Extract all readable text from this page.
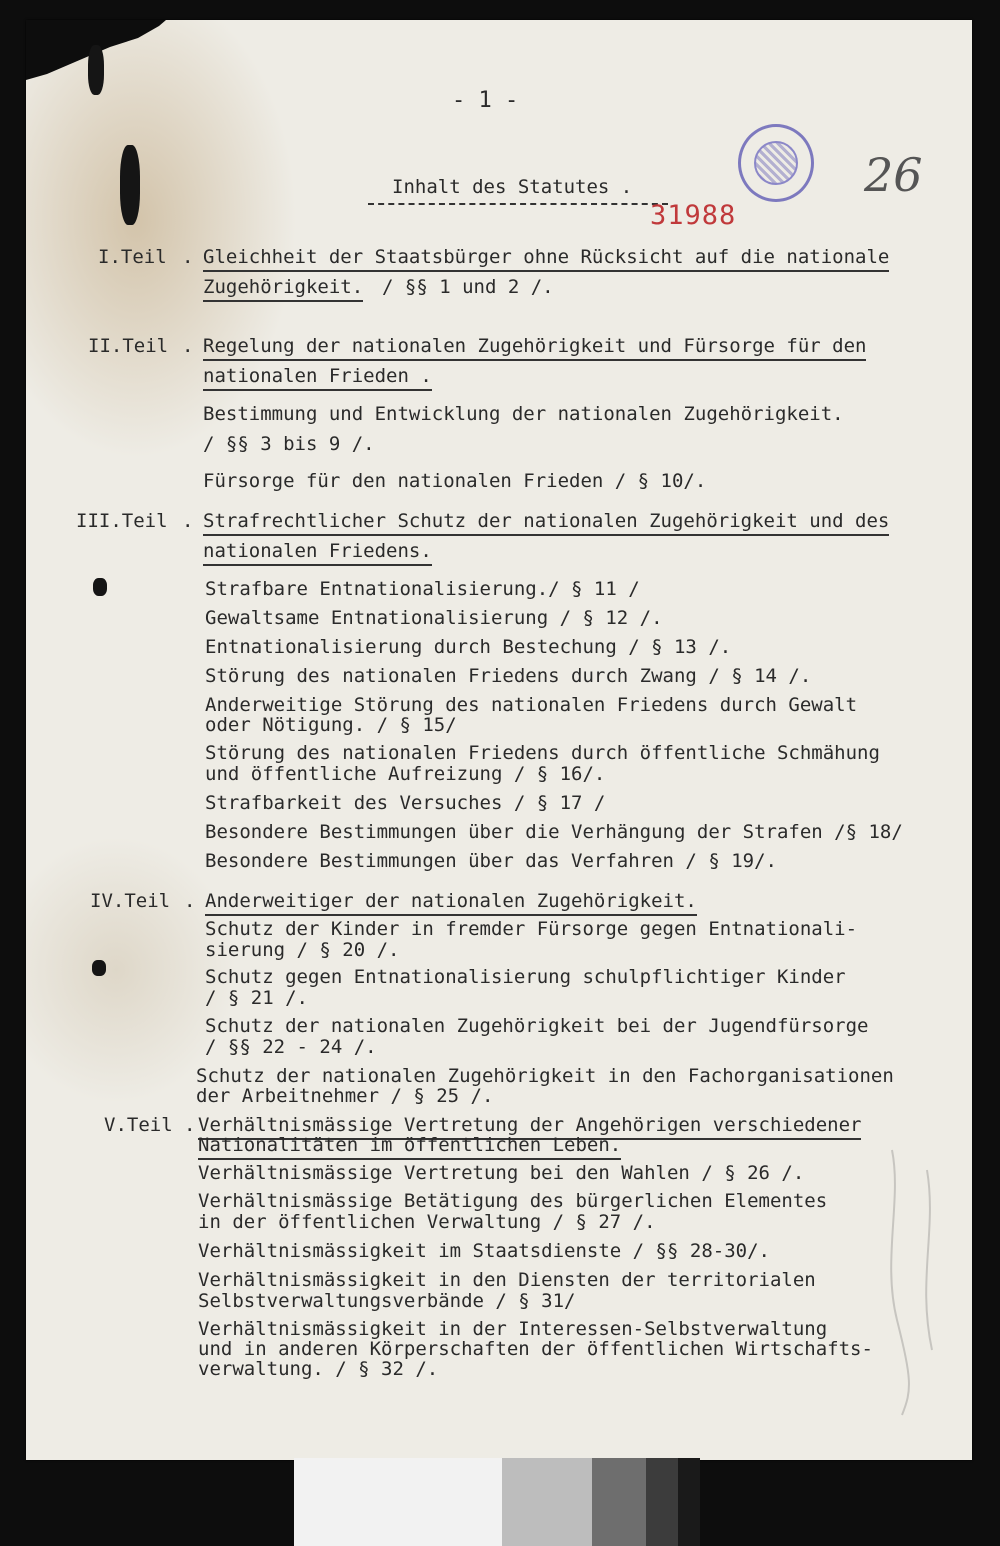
- 1 -
26
Inhalt des Statutes .
31988
I.Teil . Gleichheit der Staatsbürger ohne Rücksicht auf die nationale
Zugehörigkeit. / §§ 1 und 2 /.
II.Teil . Regelung der nationalen Zugehörigkeit und Fürsorge für den
nationalen Frieden .
Bestimmung und Entwicklung der nationalen Zugehörigkeit.
/ §§ 3 bis 9 /.
Fürsorge für den nationalen Frieden / § 10/.
III.Teil . Strafrechtlicher Schutz der nationalen Zugehörigkeit und des
nationalen Friedens.
Strafbare Entnationalisierung./ § 11 /
Gewaltsame Entnationalisierung / § 12 /.
Entnationalisierung durch Bestechung / § 13 /.
Störung des nationalen Friedens durch Zwang / § 14 /.
Anderweitige Störung des nationalen Friedens durch Gewalt
oder Nötigung. / § 15/
Störung des nationalen Friedens durch öffentliche Schmähung
und öffentliche Aufreizung / § 16/.
Strafbarkeit des Versuches / § 17 /
Besondere Bestimmungen über die Verhängung der Strafen /§ 18/
Besondere Bestimmungen über das Verfahren / § 19/.
IV.Teil . Anderweitiger der nationalen Zugehörigkeit.
Schutz der Kinder in fremder Fürsorge gegen Entnationali-
sierung / § 20 /.
Schutz gegen Entnationalisierung schulpflichtiger Kinder
/ § 21 /.
Schutz der nationalen Zugehörigkeit bei der Jugendfürsorge
/ §§ 22 - 24 /.
Schutz der nationalen Zugehörigkeit in den Fachorganisationen
der Arbeitnehmer / § 25 /.
V.Teil . Verhältnismässige Vertretung der Angehörigen verschiedener
Nationalitäten im öffentlichen Leben.
Verhältnismässige Vertretung bei den Wahlen / § 26 /.
Verhältnismässige Betätigung des bürgerlichen Elementes
in der öffentlichen Verwaltung / § 27 /.
Verhältnismässigkeit im Staatsdienste / §§ 28-30/.
Verhältnismässigkeit in den Diensten der territorialen
Selbstverwaltungsverbände / § 31/
Verhältnismässigkeit in der Interessen-Selbstverwaltung
und in anderen Körperschaften der öffentlichen Wirtschafts-
verwaltung. / § 32 /.
